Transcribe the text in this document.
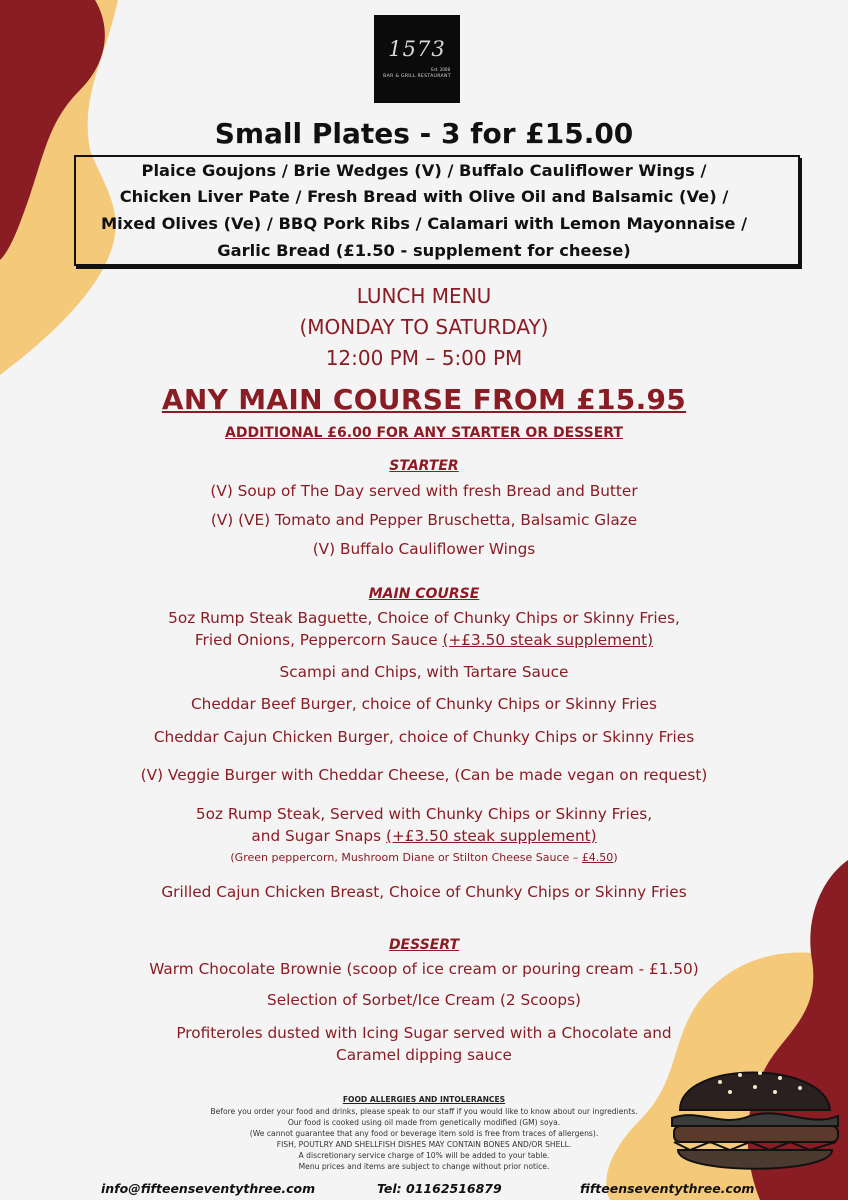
1573
Est. 2008
BAR & GRILL RESTAURANT
Small Plates - 3 for £15.00
Plaice Goujons / Brie Wedges (V) / Buffalo Cauliflower Wings /
Chicken Liver Pate / Fresh Bread with Olive Oil and Balsamic (Ve) /
Mixed Olives (Ve) / BBQ Pork Ribs / Calamari with Lemon Mayonnaise /
Garlic Bread (£1.50 - supplement for cheese)
LUNCH MENU
(MONDAY TO SATURDAY)
12:00 PM – 5:00 PM
ANY MAIN COURSE FROM £15.95
ADDITIONAL £6.00 FOR ANY STARTER OR DESSERT
STARTER
(V) Soup of The Day served with fresh Bread and Butter
(V) (VE) Tomato and Pepper Bruschetta, Balsamic Glaze
(V) Buffalo Cauliflower Wings
MAIN COURSE
5oz Rump Steak Baguette, Choice of Chunky Chips or Skinny Fries,
Fried Onions, Peppercorn Sauce (+£3.50 steak supplement)
Scampi and Chips, with Tartare Sauce
Cheddar Beef Burger, choice of Chunky Chips or Skinny Fries
Cheddar Cajun Chicken Burger, choice of Chunky Chips or Skinny Fries
(V) Veggie Burger with Cheddar Cheese, (Can be made vegan on request)
5oz Rump Steak, Served with Chunky Chips or Skinny Fries,
and Sugar Snaps (+£3.50 steak supplement)
(Green peppercorn, Mushroom Diane or Stilton Cheese Sauce – £4.50)
Grilled Cajun Chicken Breast, Choice of Chunky Chips or Skinny Fries
DESSERT
Warm Chocolate Brownie (scoop of ice cream or pouring cream - £1.50)
Selection of Sorbet/Ice Cream (2 Scoops)
Profiteroles dusted with Icing Sugar served with a Chocolate and
Caramel dipping sauce
FOOD ALLERGIES AND INTOLERANCES
Before you order your food and drinks, please speak to our staff if you would like to know about our ingredients.
Our food is cooked using oil made from genetically modified (GM) soya.
(We cannot guarantee that any food or beverage item sold is free from traces of allergens).
FISH, POUTLRY AND SHELLFISH DISHES MAY CONTAIN BONES AND/OR SHELL.
A discretionary service charge of 10% will be added to your table.
Menu prices and items are subject to change without prior notice.
info@fifteenseventythree.com	Tel: 01162516879	fifteenseventythree.com
